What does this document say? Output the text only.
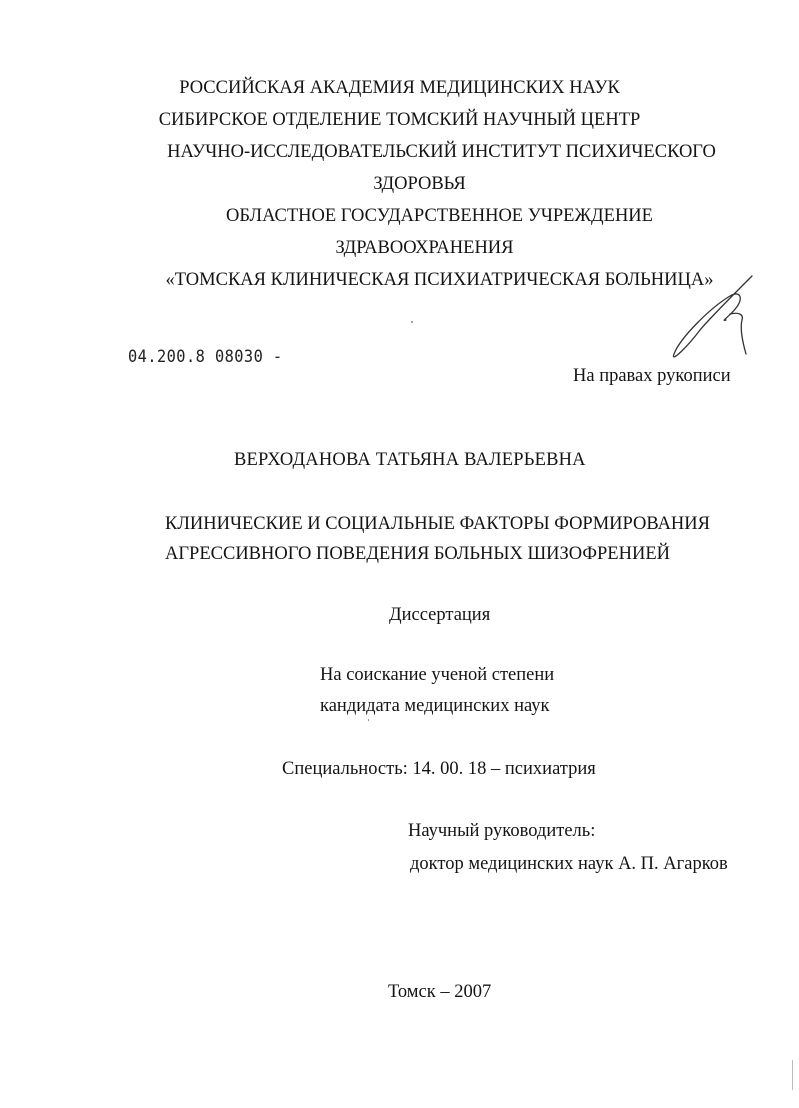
РОССИЙСКАЯ АКАДЕМИЯ МЕДИЦИНСКИХ НАУК
СИБИРСКОЕ ОТДЕЛЕНИЕ ТОМСКИЙ НАУЧНЫЙ ЦЕНТР
НАУЧНО-ИССЛЕДОВАТЕЛЬСКИЙ ИНСТИТУТ ПСИХИЧЕСКОГО
ЗДОРОВЬЯ
ОБЛАСТНОЕ ГОСУДАРСТВЕННОЕ УЧРЕЖДЕНИЕ
ЗДРАВООХРАНЕНИЯ
«ТОМСКАЯ КЛИНИЧЕСКАЯ ПСИХИАТРИЧЕСКАЯ БОЛЬНИЦА»
04.200.8 08030 -
На правах рукописи
ВЕРХОДАНОВА ТАТЬЯНА ВАЛЕРЬЕВНА
КЛИНИЧЕСКИЕ И СОЦИАЛЬНЫЕ ФАКТОРЫ ФОРМИРОВАНИЯ
АГРЕССИВНОГО ПОВЕДЕНИЯ БОЛЬНЫХ ШИЗОФРЕНИЕЙ
Диссертация
На соискание ученой степени
кандидата медицинских наук
Специальность: 14. 00. 18 – психиатрия
Научный руководитель:
доктор медицинских наук А. П. Агарков
Томск – 2007
